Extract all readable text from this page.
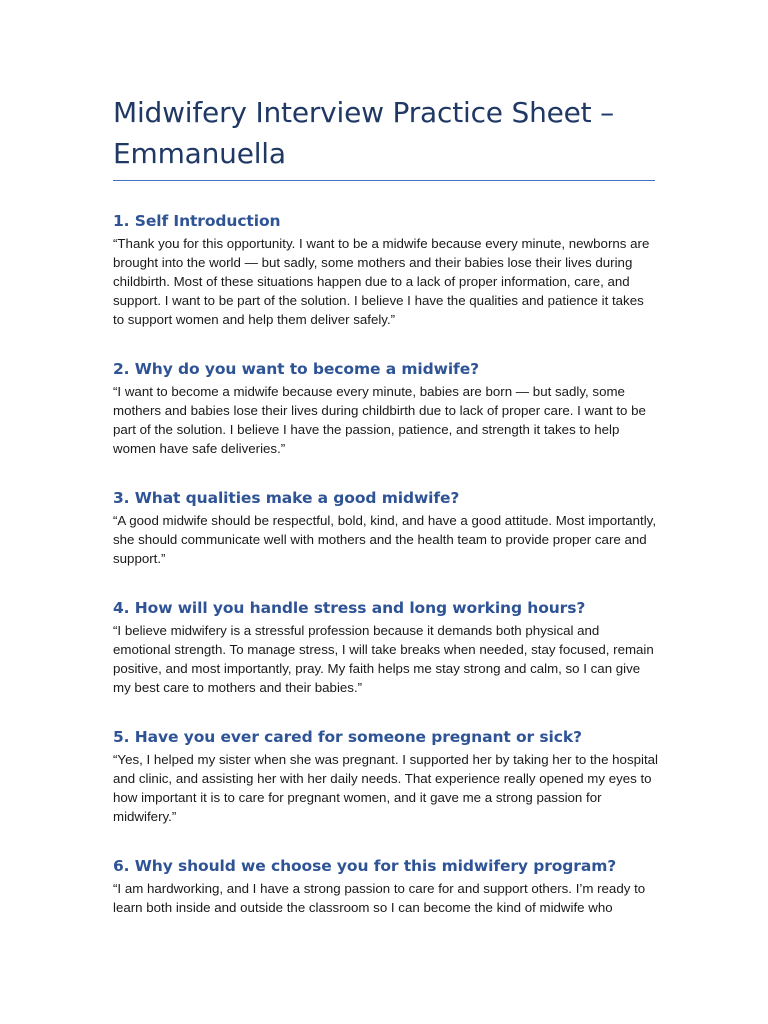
Midwifery Interview Practice Sheet – Emmanuella
1. Self Introduction

“Thank you for this opportunity. I want to be a midwife because every minute, newborns are brought into the world — but sadly, some mothers and their babies lose their lives during childbirth. Most of these situations happen due to a lack of proper information, care, and support. I want to be part of the solution. I believe I have the qualities and patience it takes to support women and help them deliver safely.”

2. Why do you want to become a midwife?

“I want to become a midwife because every minute, babies are born — but sadly, some mothers and babies lose their lives during childbirth due to lack of proper care. I want to be part of the solution. I believe I have the passion, patience, and strength it takes to help women have safe deliveries.”

3. What qualities make a good midwife?

“A good midwife should be respectful, bold, kind, and have a good attitude. Most importantly, she should communicate well with mothers and the health team to provide proper care and support.”

4. How will you handle stress and long working hours?

“I believe midwifery is a stressful profession because it demands both physical and emotional strength. To manage stress, I will take breaks when needed, stay focused, remain positive, and most importantly, pray. My faith helps me stay strong and calm, so I can give my best care to mothers and their babies.”

5. Have you ever cared for someone pregnant or sick?

“Yes, I helped my sister when she was pregnant. I supported her by taking her to the hospital and clinic, and assisting her with her daily needs. That experience really opened my eyes to how important it is to care for pregnant women, and it gave me a strong passion for midwifery.”

6. Why should we choose you for this midwifery program?

“I am hardworking, and I have a strong passion to care for and support others. I’m ready to learn both inside and outside the classroom so I can become the kind of midwife who
